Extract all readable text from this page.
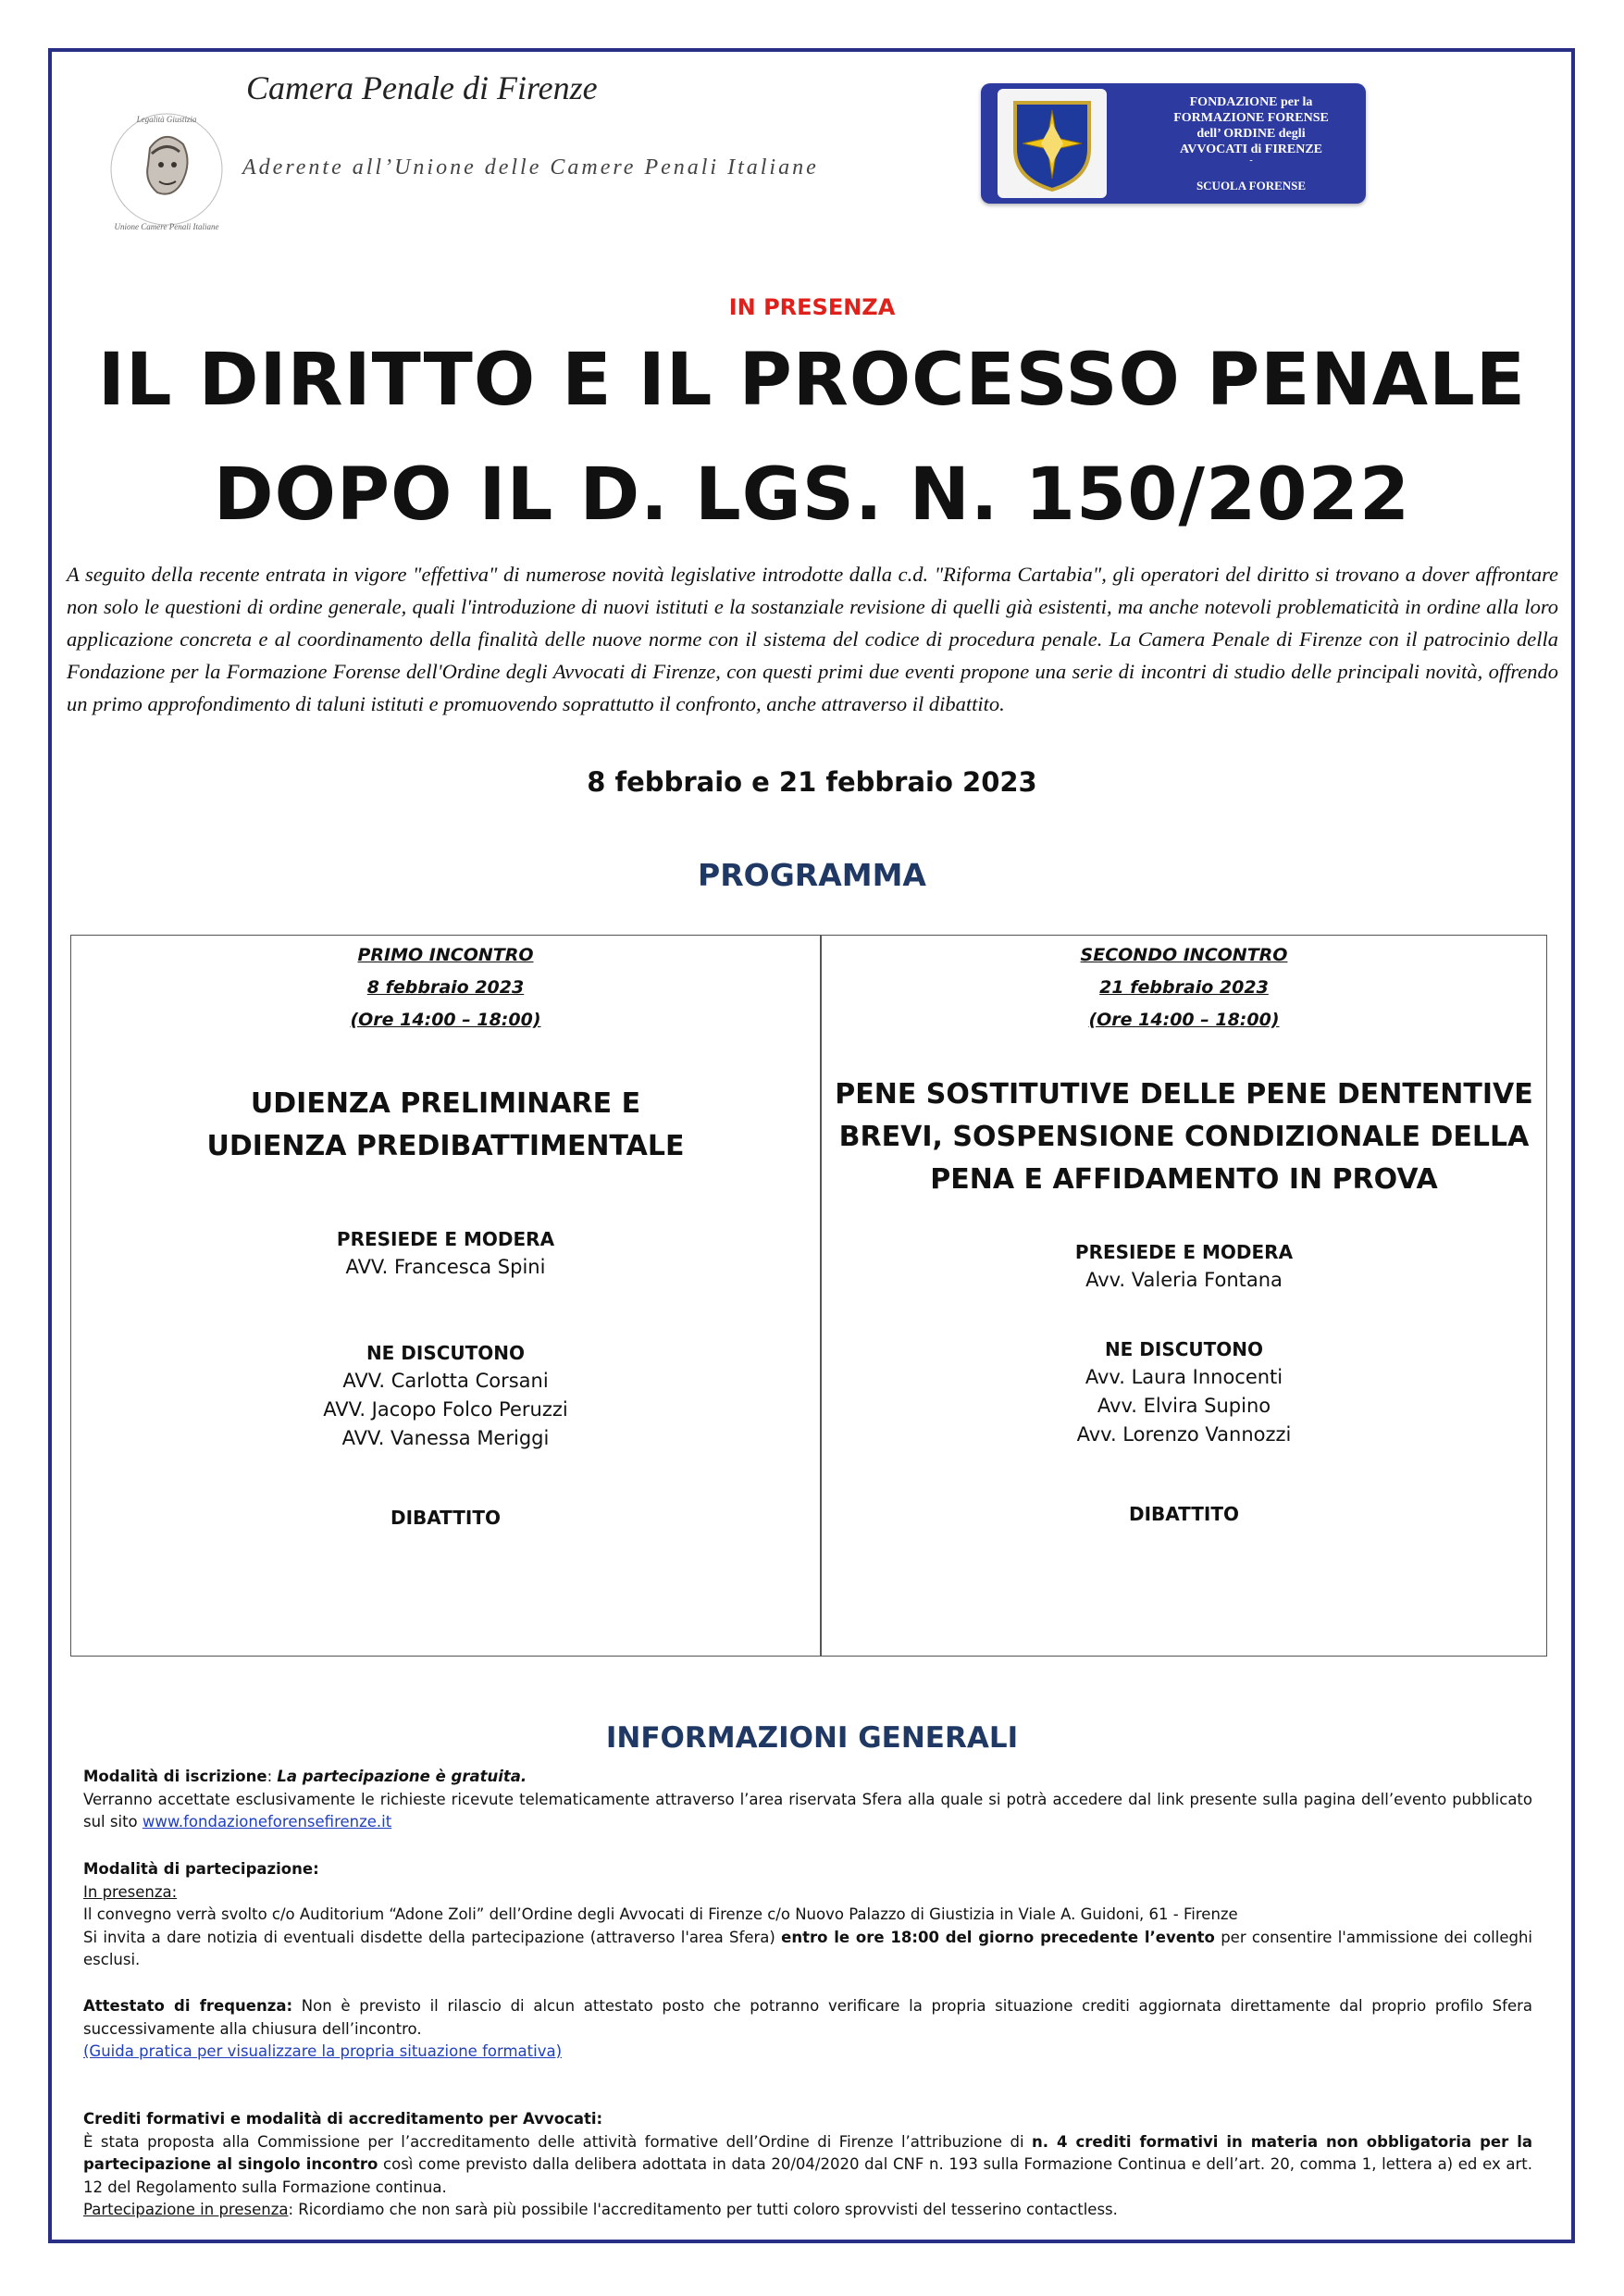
Camera Penale di Firenze
Legalità Giustizia
Unione Camere Penali Italiane
Aderente all’Unione delle Camere Penali Italiane
FONDAZIONE per la
FORMAZIONE FORENSE
dell’ ORDINE degli
AVVOCATI di FIRENZE
-
SCUOLA FORENSE
IN PRESENZA
IL DIRITTO E IL PROCESSO PENALE
DOPO IL D. LGS. N. 150/2022
A seguito della recente entrata in vigore "effettiva" di numerose novità legislative introdotte dalla c.d. "Riforma Cartabia", gli operatori del diritto si trovano a dover affrontare non solo le questioni di ordine generale, quali l'introduzione di nuovi istituti e la sostanziale revisione di quelli già esistenti, ma anche notevoli problematicità in ordine alla loro applicazione concreta e al coordinamento della finalità delle nuove norme con il sistema del codice di procedura penale. La Camera Penale di Firenze con il patrocinio della Fondazione per la Formazione Forense dell'Ordine degli Avvocati di Firenze, con questi primi due eventi propone una serie di incontri di studio delle principali novità, offrendo un primo approfondimento di taluni istituti e promuovendo soprattutto il confronto, anche attraverso il dibattito.
8 febbraio e 21 febbraio 2023
PROGRAMMA
PRIMO INCONTRO
8 febbraio 2023
(Ore 14:00 – 18:00)
UDIENZA PRELIMINARE E
UDIENZA PREDIBATTIMENTALE
PRESIEDE E MODERA
AVV. Francesca Spini
NE DISCUTONO
AVV. Carlotta Corsani
AVV. Jacopo Folco Peruzzi
AVV. Vanessa Meriggi
DIBATTITO
SECONDO INCONTRO
21 febbraio 2023
(Ore 14:00 – 18:00)
PENE SOSTITUTIVE DELLE PENE DENTENTIVE
BREVI, SOSPENSIONE CONDIZIONALE DELLA
PENA E AFFIDAMENTO IN PROVA
PRESIEDE E MODERA
Avv. Valeria Fontana
NE DISCUTONO
Avv. Laura Innocenti
Avv. Elvira Supino
Avv. Lorenzo Vannozzi
DIBATTITO
INFORMAZIONI GENERALI
Modalità di iscrizione: La partecipazione è gratuita.
Verranno accettate esclusivamente le richieste ricevute telematicamente attraverso l’area riservata Sfera alla quale si potrà accedere dal link presente sulla pagina dell’evento pubblicato sul sito www.fondazioneforensefirenze.it
Modalità di partecipazione:
In presenza:
Il convegno verrà svolto c/o Auditorium “Adone Zoli” dell’Ordine degli Avvocati di Firenze c/o Nuovo Palazzo di Giustizia in Viale A. Guidoni, 61 - Firenze
Si invita a dare notizia di eventuali disdette della partecipazione (attraverso l'area Sfera) entro le ore 18:00 del giorno precedente l’evento per consentire l'ammissione dei colleghi esclusi.
Attestato di frequenza: Non è previsto il rilascio di alcun attestato posto che potranno verificare la propria situazione crediti aggiornata direttamente dal proprio profilo Sfera successivamente alla chiusura dell’incontro.
(Guida pratica per visualizzare la propria situazione formativa)
Crediti formativi e modalità di accreditamento per Avvocati:
È stata proposta alla Commissione per l’accreditamento delle attività formative dell’Ordine di Firenze l’attribuzione di n. 4 crediti formativi in materia non obbligatoria per la partecipazione al singolo incontro così come previsto dalla delibera adottata in data 20/04/2020 dal CNF n. 193 sulla Formazione Continua e dell’art. 20, comma 1, lettera a) ed ex art. 12 del Regolamento sulla Formazione continua.
Partecipazione in presenza: Ricordiamo che non sarà più possibile l'accreditamento per tutti coloro sprovvisti del tesserino contactless.
